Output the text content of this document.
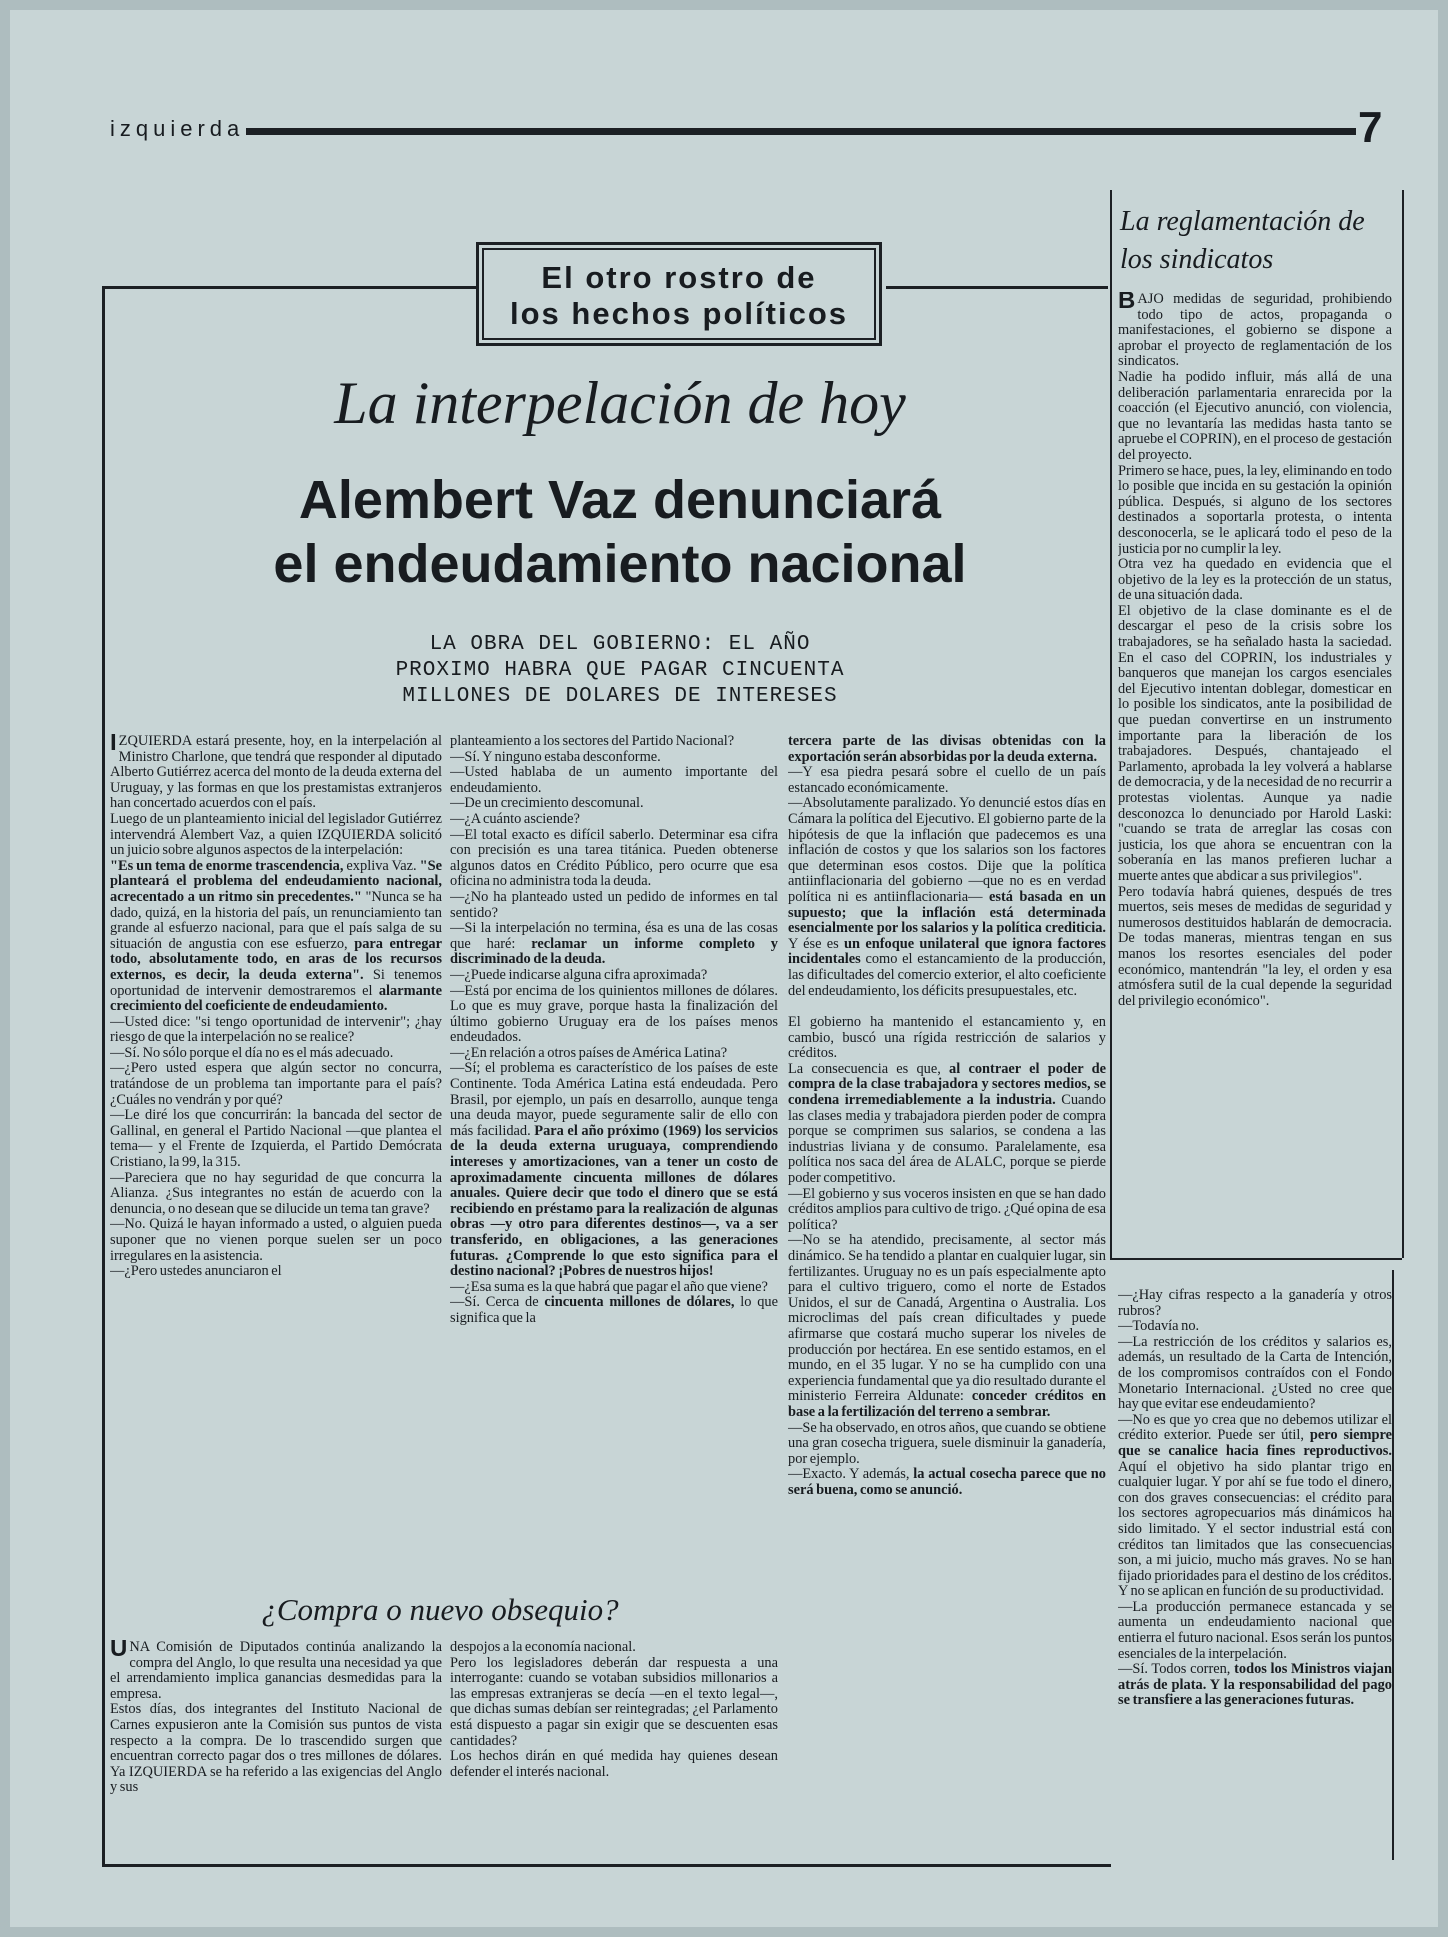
izquierda	7
El otro rostro de
los hechos políticos
La interpelación de hoy
Alembert Vaz denunciará
el endeudamiento nacional
LA OBRA DEL GOBIERNO: EL AÑO
PROXIMO HABRA QUE PAGAR CINCUENTA
MILLONES DE DOLARES DE INTERESES

IZQUIERDA estará presente, hoy, en la interpelación al Ministro Charlone, que tendrá que responder al diputado Alberto Gutiérrez acerca del monto de la deuda externa del Uruguay, y las formas en que los prestamistas extranjeros han concertado acuerdos con el país.

Luego de un planteamiento inicial del legislador Gutiérrez intervendrá Alembert Vaz, a quien IZQUIERDA solicitó un juicio sobre algunos aspectos de la interpelación:

"Es un tema de enorme trascendencia, expliva Vaz. "Se planteará el problema del endeudamiento nacional, acrecentado a un ritmo sin precedentes." "Nunca se ha dado, quizá, en la historia del país, un renunciamiento tan grande al esfuerzo nacional, para que el país salga de su situación de angustia con ese esfuerzo, para entregar todo, absolutamente todo, en aras de los recursos externos, es decir, la deuda externa". Si tenemos oportunidad de intervenir demostraremos el alarmante crecimiento del coeficiente de endeudamiento.

—Usted dice: "si tengo oportunidad de intervenir"; ¿hay riesgo de que la interpelación no se realice?

—Sí. No sólo porque el día no es el más adecuado.

—¿Pero usted espera que algún sector no concurra, tratándose de un problema tan importante para el país? ¿Cuáles no vendrán y por qué?

—Le diré los que concurrirán: la bancada del sector de Gallinal, en general el Partido Nacional —que plantea el tema— y el Frente de Izquierda, el Partido Demócrata Cristiano, la 99, la 315.

—Pareciera que no hay seguridad de que concurra la Alianza. ¿Sus integrantes no están de acuerdo con la denuncia, o no desean que se dilucide un tema tan grave?

—No. Quizá le hayan informado a usted, o alguien pueda suponer que no vienen porque suelen ser un poco irregulares en la asistencia.

—¿Pero ustedes anunciaron el

planteamiento a los sectores del Partido Nacional?

—Sí. Y ninguno estaba desconforme.

—Usted hablaba de un aumento importante del endeudamiento.

—De un crecimiento descomunal.

—¿A cuánto asciende?

—El total exacto es difícil saberlo. Determinar esa cifra con precisión es una tarea titánica. Pueden obtenerse algunos datos en Crédito Público, pero ocurre que esa oficina no administra toda la deuda.

—¿No ha planteado usted un pedido de informes en tal sentido?

—Si la interpelación no termina, ésa es una de las cosas que haré: reclamar un informe completo y discriminado de la deuda.

—¿Puede indicarse alguna cifra aproximada?

—Está por encima de los quinientos millones de dólares. Lo que es muy grave, porque hasta la finalización del último gobierno Uruguay era de los países menos endeudados.

—¿En relación a otros países de América Latina?

—Sí; el problema es característico de los países de este Continente. Toda América Latina está endeudada. Pero Brasil, por ejemplo, un país en desarrollo, aunque tenga una deuda mayor, puede seguramente salir de ello con más facilidad. Para el año próximo (1969) los servicios de la deuda externa uruguaya, comprendiendo intereses y amortizaciones, van a tener un costo de aproximadamente cincuenta millones de dólares anuales. Quiere decir que todo el dinero que se está recibiendo en préstamo para la realización de algunas obras —y otro para diferentes destinos—, va a ser transferido, en obligaciones, a las generaciones futuras. ¿Comprende lo que esto significa para el destino nacional? ¡Pobres de nuestros hijos!

—¿Esa suma es la que habrá que pagar el año que viene?

—Sí. Cerca de cincuenta millones de dólares, lo que significa que la

tercera parte de las divisas obtenidas con la exportación serán absorbidas por la deuda externa.

—Y esa piedra pesará sobre el cuello de un país estancado económicamente.

—Absolutamente paralizado. Yo denuncié estos días en Cámara la política del Ejecutivo. El gobierno parte de la hipótesis de que la inflación que padecemos es una inflación de costos y que los salarios son los factores que determinan esos costos. Dije que la política antiinflacionaria del gobierno —que no es en verdad política ni es antiinflacionaria— está basada en un supuesto; que la inflación está determinada esencialmente por los salarios y la política crediticia. Y ése es un enfoque unilateral que ignora factores incidentales como el estancamiento de la producción, las dificultades del comercio exterior, el alto coeficiente del endeudamiento, los déficits presupuestales, etc.

El gobierno ha mantenido el estancamiento y, en cambio, buscó una rígida restricción de salarios y créditos.

La consecuencia es que, al contraer el poder de compra de la clase trabajadora y sectores medios, se condena irremediablemente a la industria. Cuando las clases media y trabajadora pierden poder de compra porque se comprimen sus salarios, se condena a las industrias liviana y de consumo. Paralelamente, esa política nos saca del área de ALALC, porque se pierde poder competitivo.

—El gobierno y sus voceros insisten en que se han dado créditos amplios para cultivo de trigo. ¿Qué opina de esa política?

—No se ha atendido, precisamente, al sector más dinámico. Se ha tendido a plantar en cualquier lugar, sin fertilizantes. Uruguay no es un país especialmente apto para el cultivo triguero, como el norte de Estados Unidos, el sur de Canadá, Argentina o Australia. Los microclimas del país crean dificultades y puede afirmarse que costará mucho superar los niveles de producción por hectárea. En ese sentido estamos, en el mundo, en el 35 lugar. Y no se ha cumplido con una experiencia fundamental que ya dio resultado durante el ministerio Ferreira Aldunate: conceder créditos en base a la fertilización del terreno a sembrar.

—Se ha observado, en otros años, que cuando se obtiene una gran cosecha triguera, suele disminuir la ganadería, por ejemplo.

—Exacto. Y además, la actual cosecha parece que no será buena, como se anunció.

La reglamentación de los sindicatos

BAJO medidas de seguridad, prohibiendo todo tipo de actos, propaganda o manifestaciones, el gobierno se dispone a aprobar el proyecto de reglamentación de los sindicatos.

Nadie ha podido influir, más allá de una deliberación parlamentaria enrarecida por la coacción (el Ejecutivo anunció, con violencia, que no levantaría las medidas hasta tanto se apruebe el COPRIN), en el proceso de gestación del proyecto.

Primero se hace, pues, la ley, eliminando en todo lo posible que incida en su gestación la opinión pública. Después, si alguno de los sectores destinados a soportarla protesta, o intenta desconocerla, se le aplicará todo el peso de la justicia por no cumplir la ley.

Otra vez ha quedado en evidencia que el objetivo de la ley es la protección de un status, de una situación dada.

El objetivo de la clase dominante es el de descargar el peso de la crisis sobre los trabajadores, se ha señalado hasta la saciedad. En el caso del COPRIN, los industriales y banqueros que manejan los cargos esenciales del Ejecutivo intentan doblegar, domesticar en lo posible los sindicatos, ante la posibilidad de que puedan convertirse en un instrumento importante para la liberación de los trabajadores. Después, chantajeado el Parlamento, aprobada la ley volverá a hablarse de democracia, y de la necesidad de no recurrir a protestas violentas. Aunque ya nadie desconozca lo denunciado por Harold Laski: "cuando se trata de arreglar las cosas con justicia, los que ahora se encuentran con la soberanía en las manos prefieren luchar a muerte antes que abdicar a sus privilegios".

Pero todavía habrá quienes, después de tres muertos, seis meses de medidas de seguridad y numerosos destituidos hablarán de democracia. De todas maneras, mientras tengan en sus manos los resortes esenciales del poder económico, mantendrán "la ley, el orden y esa atmósfera sutil de la cual depende la seguridad del privilegio económico".

—¿Hay cifras respecto a la ganadería y otros rubros?

—Todavía no.

—La restricción de los créditos y salarios es, además, un resultado de la Carta de Intención, de los compromisos contraídos con el Fondo Monetario Internacional. ¿Usted no cree que hay que evitar ese endeudamiento?

—No es que yo crea que no debemos utilizar el crédito exterior. Puede ser útil, pero siempre que se canalice hacia fines reproductivos. Aquí el objetivo ha sido plantar trigo en cualquier lugar. Y por ahí se fue todo el dinero, con dos graves consecuencias: el crédito para los sectores agropecuarios más dinámicos ha sido limitado. Y el sector industrial está con créditos tan limitados que las consecuencias son, a mi juicio, mucho más graves. No se han fijado prioridades para el destino de los créditos. Y no se aplican en función de su productividad.

—La producción permanece estancada y se aumenta un endeudamiento nacional que entierra el futuro nacional. Esos serán los puntos esenciales de la interpelación.

—Sí. Todos corren, todos los Ministros viajan atrás de plata. Y la responsabilidad del pago se transfiere a las generaciones futuras.

¿Compra o nuevo obsequio?

UNA Comisión de Diputados continúa analizando la compra del Anglo, lo que resulta una necesidad ya que el arrendamiento implica ganancias desmedidas para la empresa.

Estos días, dos integrantes del Instituto Nacional de Carnes expusieron ante la Comisión sus puntos de vista respecto a la compra. De lo trascendido surgen que encuentran correcto pagar dos o tres millones de dólares. Ya IZQUIERDA se ha referido a las exigencias del Anglo y sus

despojos a la economía nacional.

Pero los legisladores deberán dar respuesta a una interrogante: cuando se votaban subsidios millonarios a las empresas extranjeras se decía —en el texto legal—, que dichas sumas debían ser reintegradas; ¿el Parlamento está dispuesto a pagar sin exigir que se descuenten esas cantidades?

Los hechos dirán en qué medida hay quienes desean defender el interés nacional.
